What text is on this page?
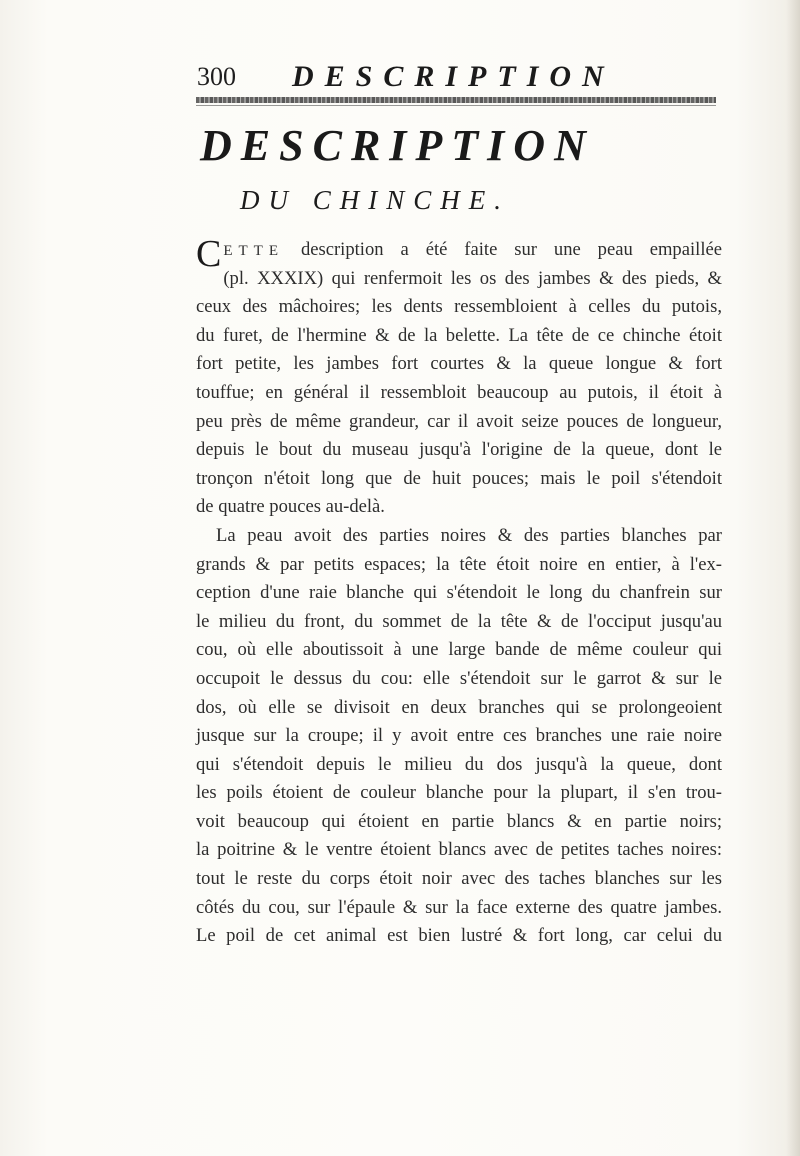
300 DESCRIPTION
DESCRIPTION
DU CHINCHE.
CETTE description a été faite sur une peau empaillée
(pl. XXXIX) qui renfermoit les os des jambes & des pieds, &
ceux des mâchoires; les dents ressembloient à celles du putois,
du furet, de l'hermine & de la belette. La tête de ce chinche étoit
fort petite, les jambes fort courtes & la queue longue & fort
touffue; en général il ressembloit beaucoup au putois, il étoit à
peu près de même grandeur, car il avoit seize pouces de longueur,
depuis le bout du museau jusqu'à l'origine de la queue, dont le
tronçon n'étoit long que de huit pouces; mais le poil s'étendoit
de quatre pouces au-delà.
La peau avoit des parties noires & des parties blanches par
grands & par petits espaces; la tête étoit noire en entier, à l'ex-
ception d'une raie blanche qui s'étendoit le long du chanfrein sur
le milieu du front, du sommet de la tête & de l'occiput jusqu'au
cou, où elle aboutissoit à une large bande de même couleur qui
occupoit le dessus du cou: elle s'étendoit sur le garrot & sur le
dos, où elle se divisoit en deux branches qui se prolongeoient
jusque sur la croupe; il y avoit entre ces branches une raie noire
qui s'étendoit depuis le milieu du dos jusqu'à la queue, dont
les poils étoient de couleur blanche pour la plupart, il s'en trou-
voit beaucoup qui étoient en partie blancs & en partie noirs;
la poitrine & le ventre étoient blancs avec de petites taches noires:
tout le reste du corps étoit noir avec des taches blanches sur les
côtés du cou, sur l'épaule & sur la face externe des quatre jambes.
Le poil de cet animal est bien lustré & fort long, car celui du
